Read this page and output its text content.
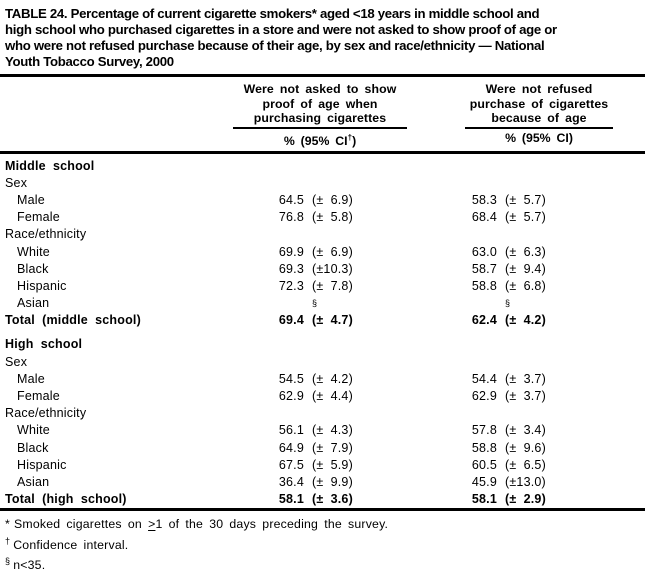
TABLE 24. Percentage of current cigarette smokers* aged <18 years in middle school and
high school who purchased cigarettes in a store and were not asked to show proof of age or
who were not refused purchase because of their age, by sex and race/ethnicity — National
Youth Tobacco Survey, 2000
Were not asked to show
proof of age when
purchasing cigarettes
Were not refused
purchase of cigarettes
because of age
% (95% CI†)	% (95% CI)
Middle school
Sex
Male	64.5 (± 6.9)	58.3 (± 5.7)
Female	76.8 (± 5.8)	68.4 (± 5.7)
Race/ethnicity
White	69.9 (± 6.9)	63.0 (± 6.3)
Black	69.3 (±10.3)	58.7 (± 9.4)
Hispanic	72.3 (± 7.8)	58.8 (± 6.8)
Asian	§	§
Total (middle school)	69.4 (± 4.7)	62.4 (± 4.2)
High school
Sex
Male	54.5 (± 4.2)	54.4 (± 3.7)
Female	62.9 (± 4.4)	62.9 (± 3.7)
Race/ethnicity
White	56.1 (± 4.3)	57.8 (± 3.4)
Black	64.9 (± 7.9)	58.8 (± 9.6)
Hispanic	67.5 (± 5.9)	60.5 (± 6.5)
Asian	36.4 (± 9.9)	45.9 (±13.0)
Total (high school)	58.1 (± 3.6)	58.1 (± 2.9)
* Smoked cigarettes on ≥1 of the 30 days preceding the survey.
† Confidence interval.
§ n<35.
